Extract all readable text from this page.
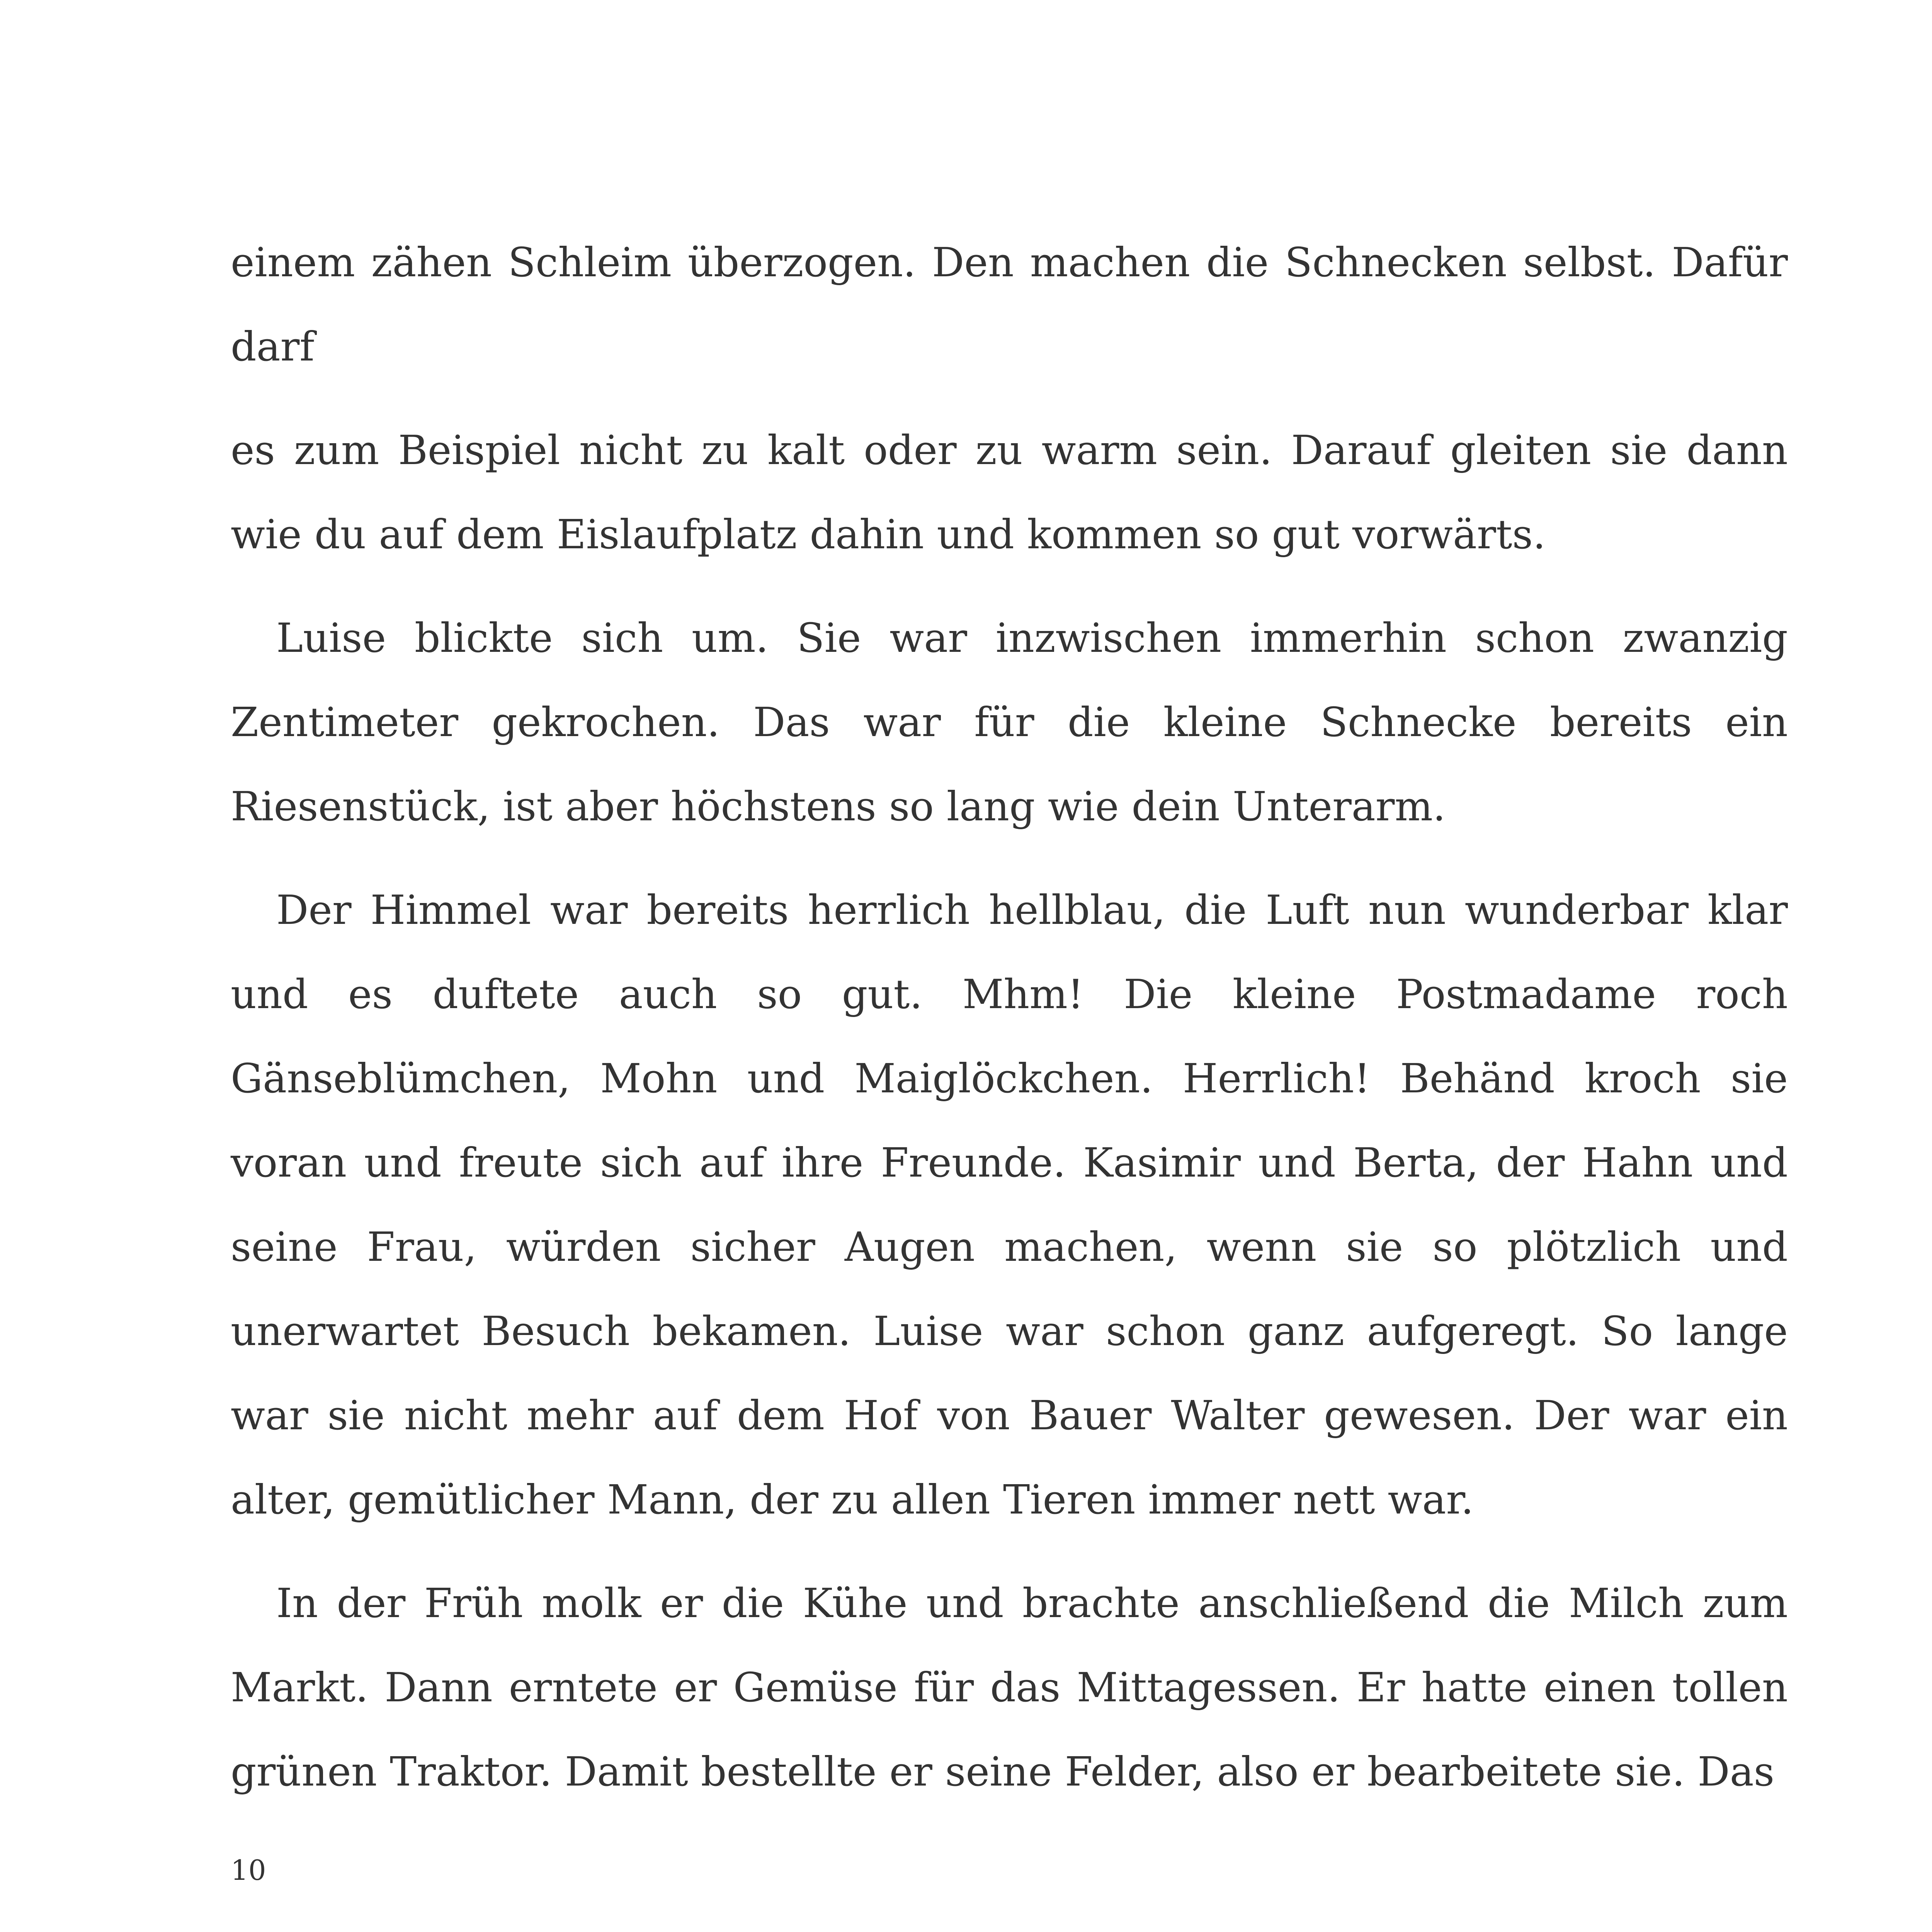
einem zähen Schleim überzogen. Den machen die Schnecken selbst. Dafür darf

es zum Beispiel nicht zu kalt oder zu warm sein. Darauf gleiten sie dann wie du auf dem Eislaufplatz dahin und kommen so gut vorwärts.

Luise blickte sich um. Sie war inzwischen immerhin schon zwanzig Zentimeter gekrochen. Das war für die kleine Schnecke bereits ein Riesenstück, ist aber höchstens so lang wie dein Unterarm.

Der Himmel war bereits herrlich hellblau, die Luft nun wunderbar klar und es duftete auch so gut. Mhm! Die kleine Postmadame roch Gänseblümchen, Mohn und Maiglöckchen. Herrlich! Behänd kroch sie voran und freute sich auf ihre Freunde. Kasimir und Berta, der Hahn und seine Frau, würden sicher Augen machen, wenn sie so plötzlich und unerwartet Besuch bekamen. Luise war schon ganz aufgeregt. So lange war sie nicht mehr auf dem Hof von Bauer Walter gewesen. Der war ein alter, gemütlicher Mann, der zu allen Tieren immer nett war.

In der Früh molk er die Kühe und brachte anschließend die Milch zum Markt. Dann erntete er Gemüse für das Mittagessen. Er hatte einen tollen grünen Traktor. Damit bestellte er seine Felder, also er bearbeitete sie. Das

10
